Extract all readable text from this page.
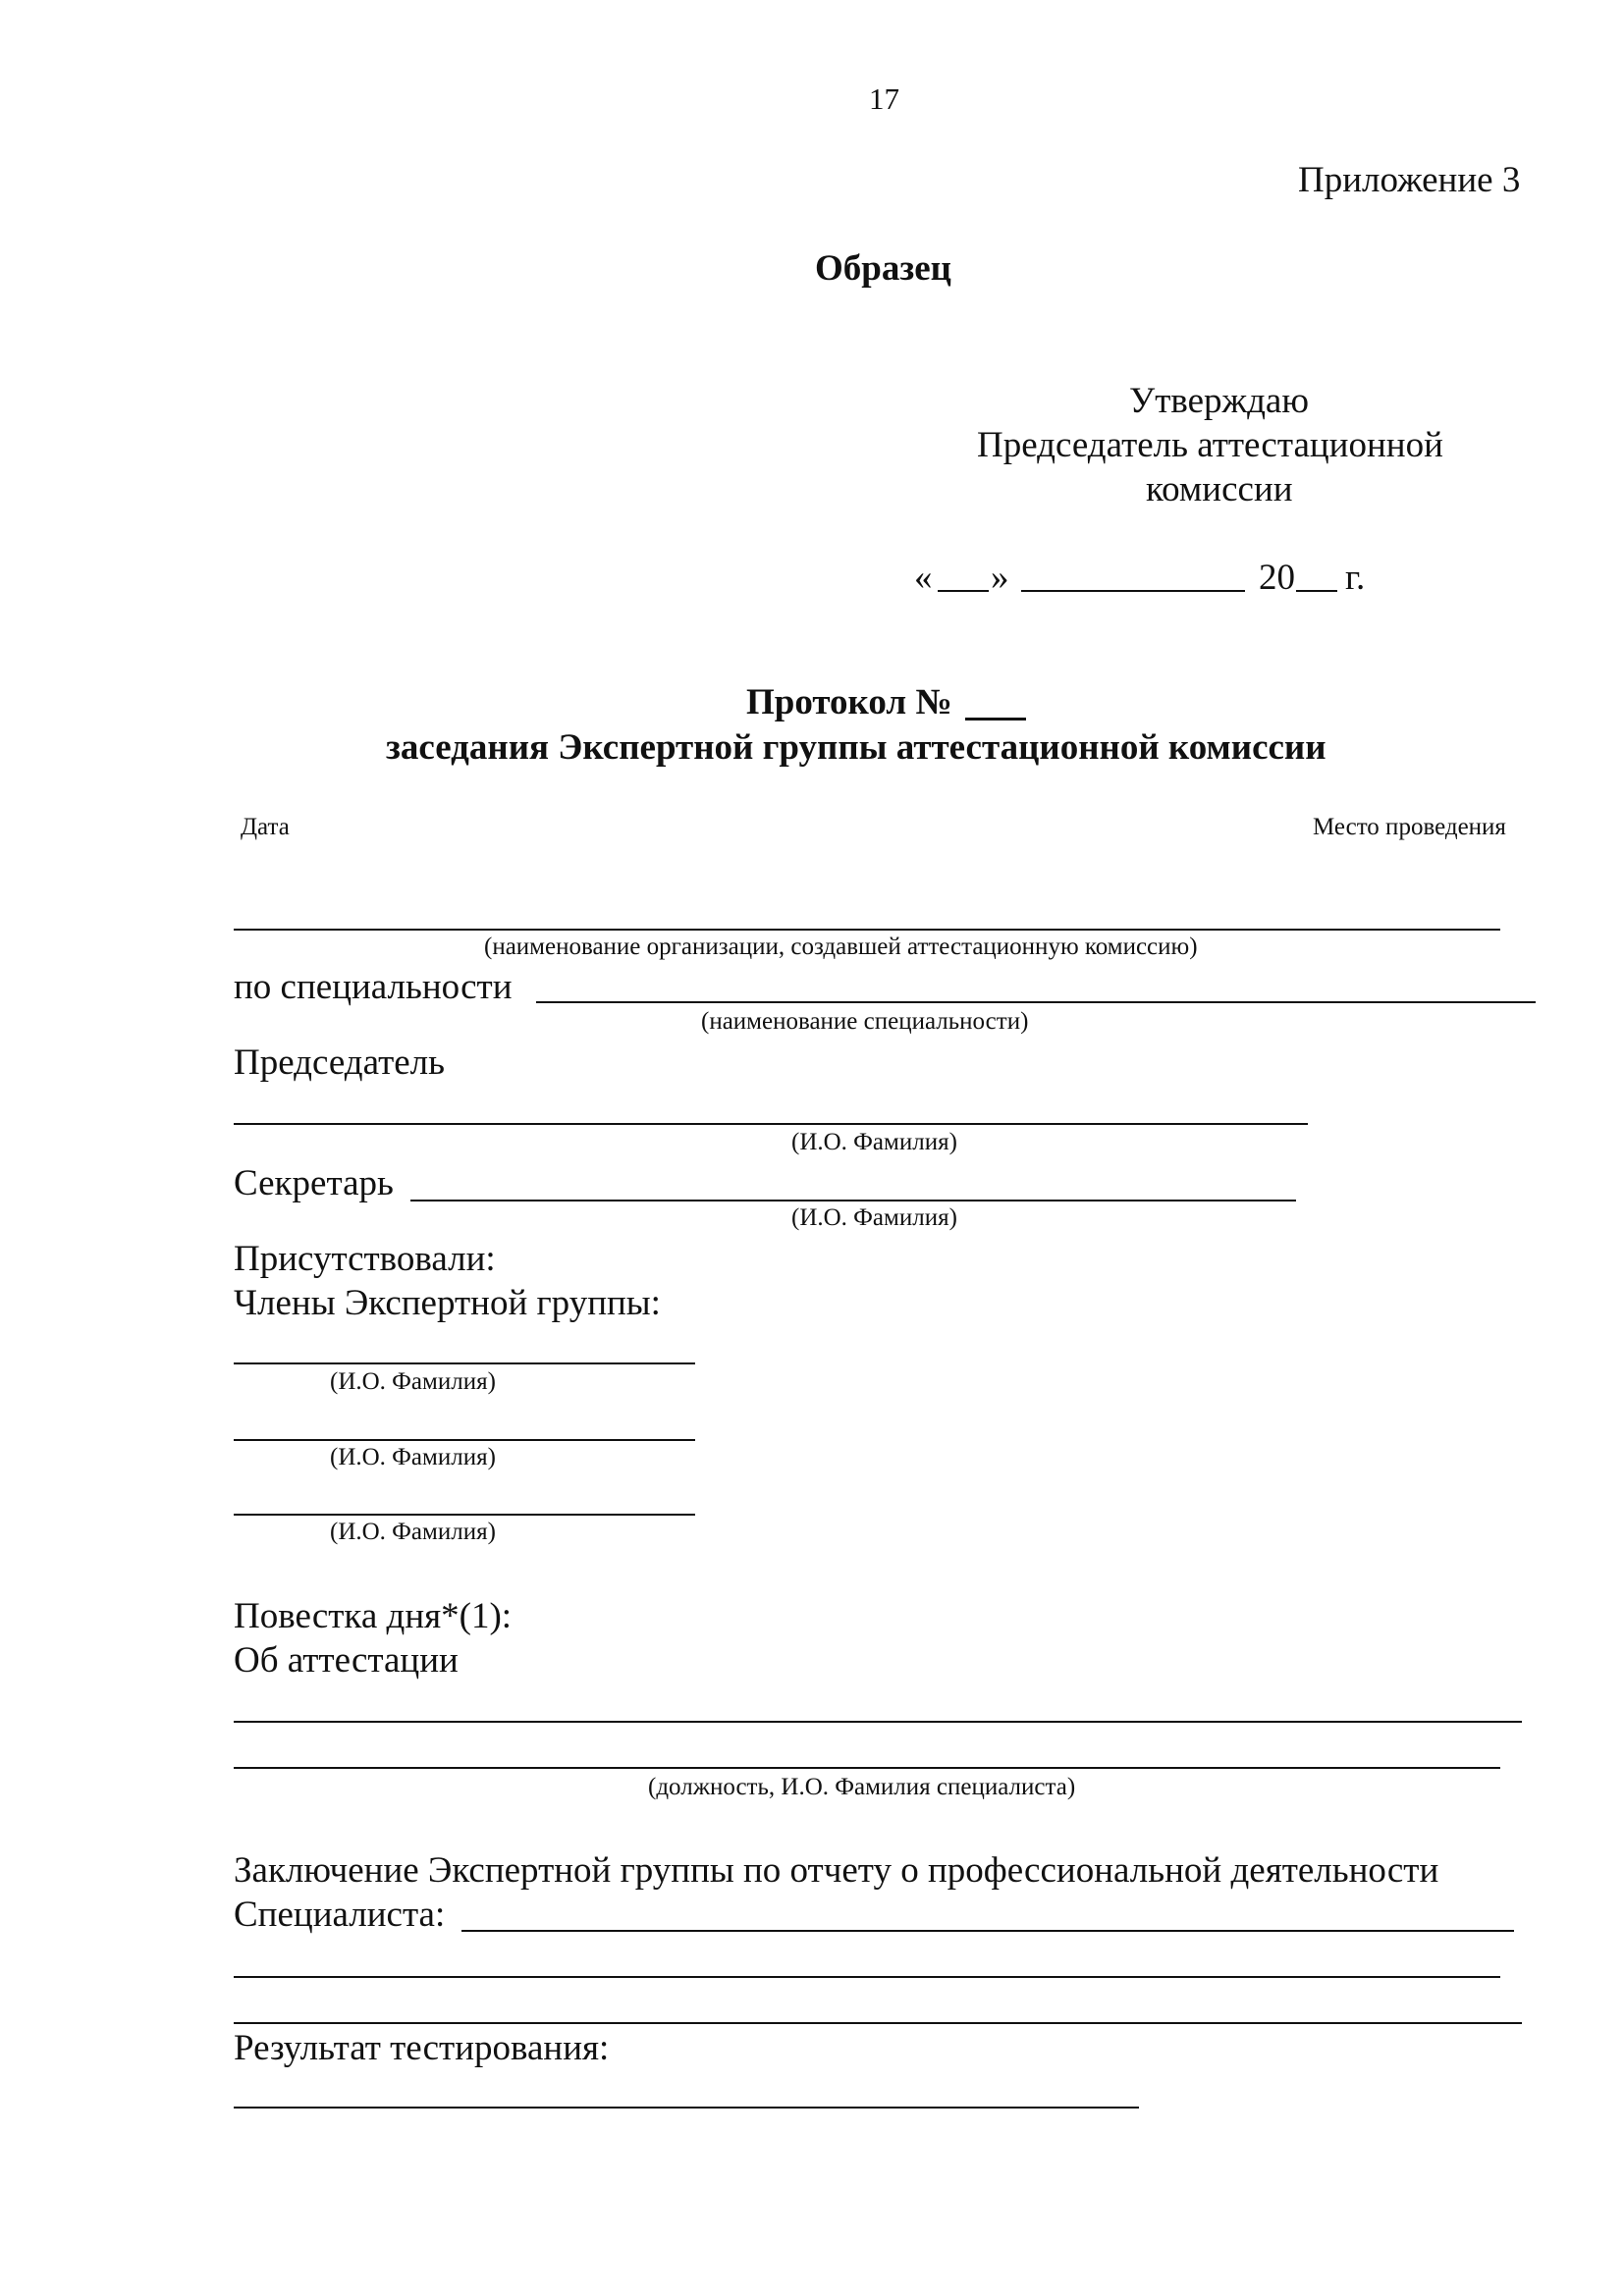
17
Приложение 3
Образец
Утверждаю
Председатель аттестационной
комиссии
« »	20 г.
Протокол №
заседания Экспертной группы аттестационной комиссии
Дата	Место проведения
(наименование организации, создавшей аттестационную комиссию)
по специальности
(наименование специальности)
Председатель
(И.О. Фамилия)
Секретарь
(И.О. Фамилия)
Присутствовали:
Члены Экспертной группы:
(И.О. Фамилия)
(И.О. Фамилия)
(И.О. Фамилия)
Повестка дня*(1):
Об аттестации
(должность, И.О. Фамилия специалиста)
Заключение Экспертной группы по отчету о профессиональной деятельности
Специалиста:
Результат тестирования:
